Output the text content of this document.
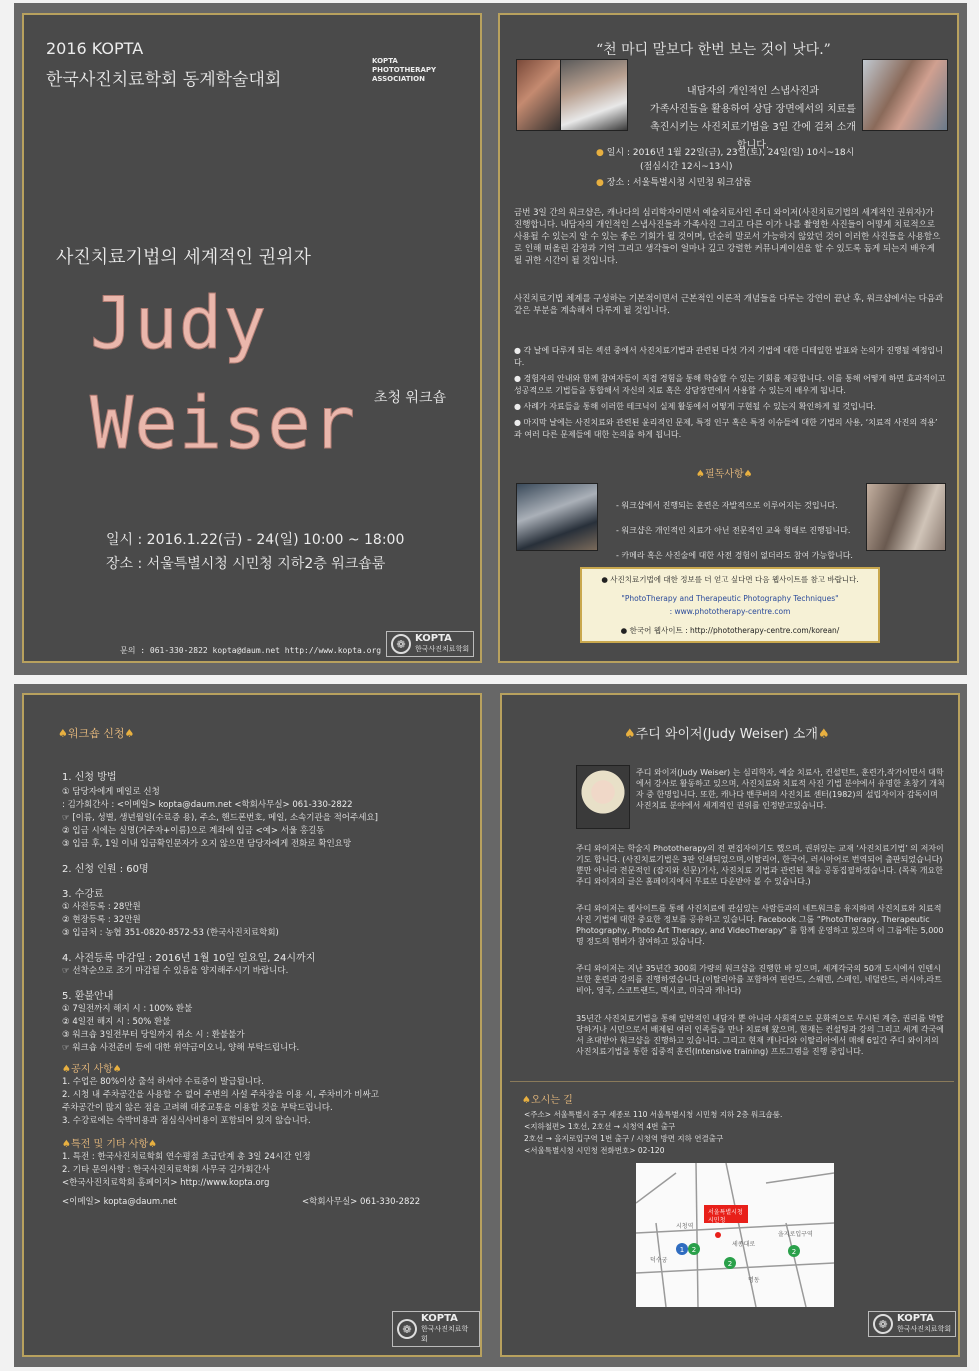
2016 KOPTA
한국사진치료학회 동계학술대회
KOPTA
PHOTOTHERAPY
ASSOCIATION
사진치료기법의 세계적인 권위자
Judy Weiser	초청 워크숍
일시 : 2016.1.22(금) - 24(일) 10:00 ~ 18:00
장소 : 서울특별시청 시민청 지하2층 워크숍룸
문의 : 061-330-2822 kopta@daum.net http://www.kopta.org	❁ KOPTA
한국사진치료학회
“천 마디 말보다 한번 보는 것이 낫다.”
내담자의 개인적인 스냅사진과
가족사진들을 활용하여 상담 장면에서의 치료를
촉진시키는 사진치료기법을 3일 간에 걸쳐 소개합니다.
● 일시 : 2016년 1월 22일(금), 23일(토), 24일(일) 10시~18시
(점심시간 12시~13시)
● 장소 : 서울특별시청 시민청 워크샵룸

금번 3일 간의 워크샵은, 캐나다의 심리학자이면서 예술치료사인 주디 와이저(사진치료기법의 세계적인 권위자)가 진행합니다. 내담자의 개인적인 스냅사진들과 가족사진 그리고 다른 이가 나를 촬영한 사진들이 어떻게 치료적으로 사용될 수 있는지 알 수 있는 좋은 기회가 될 것이며, 단순히 말로서 가능하지 않았던 것이 이러한 사진들을 사용함으로 인해 떠올린 감정과 기억 그리고 생각들이 얼마나 깊고 강렬한 커뮤니케이션을 할 수 있도록 돕게 되는지 배우게 될 귀한 시간이 될 것입니다.

사진치료기법 체계를 구성하는 기본적이면서 근본적인 이론적 개념들을 다루는 강연이 끝난 후, 워크샵에서는 다음과 같은 부분을 계속해서 다루게 될 것입니다.

● 각 날에 다루게 되는 섹션 중에서 사진치료기법과 관련된 다섯 가지 기법에 대한 디테일한 발표와 논의가 진행될 예정입니다.
● 경험자의 안내와 함께 참여자들이 직접 경험을 통해 학습할 수 있는 기회를 제공합니다. 이를 통해 어떻게 하면 효과적이고 성공적으로 기법들을 통합해서 자신의 치료 혹은 상담장면에서 사용할 수 있는지 배우게 됩니다.
● 사례가 자료들을 통해 이러한 테크닉이 실제 활동에서 어떻게 구현될 수 있는지 확인하게 될 것입니다.
● 마지막 날에는 사진치료와 관련된 윤리적인 문제, 특정 인구 혹은 특정 이슈들에 대한 기법의 사용, ‘치료적 사진의 적용’ 과 여러 다른 문제들에 대한 논의를 하게 됩니다.
♠필독사항♠
- 워크샵에서 진행되는 훈련은 자발적으로 이루어지는 것입니다.
- 워크샵은 개인적인 치료가 아닌 전문적인 교육 형태로 진행됩니다.
- 카메라 혹은 사진술에 대한 사전 경험이 없더라도 참여 가능합니다.
● 사진치료기법에 대한 정보를 더 얻고 싶다면 다음 웹사이트를 참고 바랍니다.
"PhotoTherapy and Therapeutic Photography Techniques"
: www.phototherapy-centre.com
● 한국어 웹사이트 : http://phototherapy-centre.com/korean/
♠워크숍 신청♠
1. 신청 방법
① 담당자에게 메일로 신청
: 김가회간사 : <이메일> kopta@daum.net <학회사무실> 061-330-2822
☞ [이름, 성별, 생년월일(수료증 용), 주소, 핸드폰번호, 메일, 소속기관을 적어주세요]
② 입금 시에는 실명(거주자+이름)으로 계좌에 입금 <예> 서울 홍길동
③ 입금 후, 1일 이내 입금확인문자가 오지 않으면 담당자에게 전화로 확인요망
2. 신청 인원 : 60명
3. 수강료
① 사전등록 : 28만원
② 현장등록 : 32만원
③ 입금처 : 농협 351-0820-8572-53 (한국사진치료학회)
4. 사전등록 마감일 : 2016년 1월 10일 일요일, 24시까지
☞ 선착순으로 조기 마감될 수 있음을 양지해주시기 바랍니다.
5. 환불안내
① 7일전까지 해지 시 : 100% 환불
② 4일전 해지 시 : 50% 환불
③ 워크숍 3일전부터 당일까지 취소 시 : 환불불가
☞ 워크숍 사전준비 등에 대한 위약금이오니, 양해 부탁드립니다.
♠공지 사항♠
1. 수업은 80%이상 출석 하셔야 수료증이 발급됩니다.
2. 시청 내 주차공간을 사용할 수 없어 주변의 사설 주차장을 이용 시, 주차비가 비싸고
주차공간이 많지 않은 점을 고려해 대중교통을 이용할 것을 부탁드립니다.
3. 수강료에는 숙박비용과 점심식사비용이 포함되어 있지 않습니다.
♠특전 및 기타 사항♠
1. 특전 : 한국사진치료학회 연수평점 초급단계 총 3일 24시간 인정
2. 기타 문의사항 : 한국사진치료학회 사무국 김가회간사
<한국사진치료학회 홈페이지> http://www.kopta.org
<이메일> kopta@daum.net	<학회사무실> 061-330-2822
❁
KOPTA
한국사진치료학회
♠주디 와이저(Judy Weiser) 소개♠

주디 와이저(Judy Weiser) 는 심리학자, 예술 치료사, 컨설턴트, 훈련가,작가이면서 대학에서 강사로 활동하고 있으며, 사진치료와 치료적 사진 기법 분야에서 유명한 초창기 개척자 중 한명입니다. 또한, 캐나다 밴쿠버의 사진치료 센터(1982)의 설립자이자 감독이며 사진치료 분야에서 세계적인 권위를 인정받고있습니다.

주디 와이저는 학술지 Phototherapy의 전 편집자이기도 했으며, 권위있는 교재 ‘사진치료기법’ 의 저자이기도 합니다. (사진치료기법은 3판 인쇄되었으며,이탈리어, 한국어, 러시아어로 번역되어 출판되었습니다) 뿐만 아니라 전문적인 (잡지와 신문)기사, 사진치료 기법과 관련된 책을 공동집필하였습니다. (목록 개요한 주디 와이저의 글은 홈페이지에서 무료로 다운받아 볼 수 있습니다.)

주디 와이저는 웹사이트를 통해 사진치료에 관심있는 사람들과의 네트워크를 유지하며 사진치료와 치료적 사진 기법에 대한 중요한 정보를 공유하고 있습니다. Facebook 그룹 “PhotoTherapy, Therapeutic Photography, Photo Art Therapy, and VideoTherapy” 를 함께 운영하고 있으며 이 그룹에는 5,000명 정도의 멤버가 참여하고 있습니다.

주디 와이저는 지난 35년간 300회 가량의 워크샵을 진행한 바 있으며, 세계각국의 50개 도시에서 인텐시브한 훈련과 강의를 진행하였습니다.(이탈리아를 포함하여 핀란드, 스웨덴, 스페인, 네덜란드, 러시아,라트비아, 영국, 스코트랜드, 멕시코, 미국과 캐나다)

35년간 사진치료기법을 통해 일반적인 내담자 뿐 아니라 사회적으로 문화적으로 무시된 계층, 권리를 박탈당하거나 시민으로서 배제된 여러 인족들을 만나 치료해 왔으며, 현재는 컨설팅과 강의 그리고 세계 각국에서 초대받아 워크샵을 진행하고 있습니다. 그리고 현재 캐나다와 이탈리아에서 매해 6일간 주디 와이저의 사진치료기법을 통한 집중적 훈련(Intensive training) 프로그램을 진행 중입니다.

♠오시는 길
<주소> 서울특별시 중구 세종로 110 서울특별시청 시민청 지하 2층 워크숍룸.
<지하철편> 1호선, 2호선 → 시청역 4번 출구
2호선 → 을지로입구역 1번 출구 / 시청역 방면 지하 연결출구
<서울특별시청 시민청 전화번호> 02-120
1 2
2
2
서울특별시청
시민청
덕수궁
시청역
을지로입구역
세종대로
명동
❁ KOPTA
한국사진치료학회
